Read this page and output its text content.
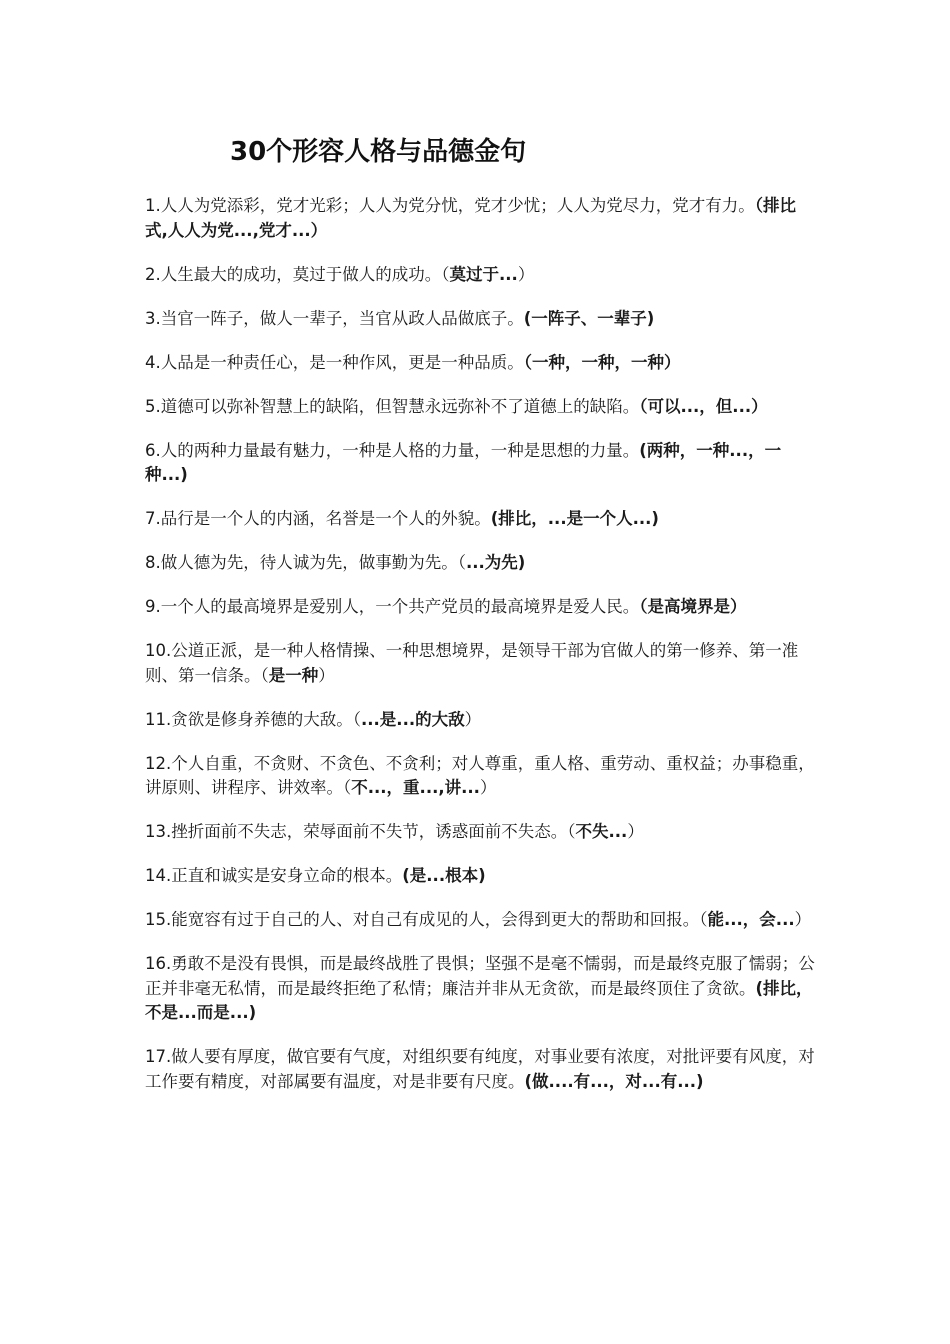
30个形容人格与品德金句

1.人人为党添彩，党才光彩；人人为党分忧，党才少忧；人人为党尽力，党才有力。（排比式,人人为党...,党才...）

2.人生最大的成功，莫过于做人的成功。（莫过于...）

3.当官一阵子，做人一辈子，当官从政人品做底子。(一阵子、一辈子)

4.人品是一种责任心，是一种作风，更是一种品质。（一种，一种，一种）

5.道德可以弥补智慧上的缺陷，但智慧永远弥补不了道德上的缺陷。（可以...，但...）

6.人的两种力量最有魅力，一种是人格的力量，一种是思想的力量。(两种，一种...，一种...)

7.品行是一个人的内涵，名誉是一个人的外貌。(排比，...是一个人...)

8.做人德为先，待人诚为先，做事勤为先。（...为先)

9.一个人的最高境界是爱别人，一个共产党员的最高境界是爱人民。（是高境界是）

10.公道正派，是一种人格情操、一种思想境界，是领导干部为官做人的第一修养、第一准则、第一信条。（是一种）

11.贪欲是修身养德的大敌。（...是...的大敌）

12.个人自重，不贪财、不贪色、不贪利；对人尊重，重人格、重劳动、重权益；办事稳重，讲原则、讲程序、讲效率。（不...，重...,讲...）

13.挫折面前不失志，荣辱面前不失节，诱惑面前不失态。（不失...）

14.正直和诚实是安身立命的根本。(是...根本)

15.能宽容有过于自己的人、对自己有成见的人，会得到更大的帮助和回报。（能...，会...）

16.勇敢不是没有畏惧，而是最终战胜了畏惧；坚强不是毫不懦弱，而是最终克服了懦弱；公正并非毫无私情，而是最终拒绝了私情；廉洁并非从无贪欲，而是最终顶住了贪欲。(排比，不是...而是...)

17.做人要有厚度，做官要有气度，对组织要有纯度，对事业要有浓度，对批评要有风度，对工作要有精度，对部属要有温度，对是非要有尺度。(做....有...，对...有...)
